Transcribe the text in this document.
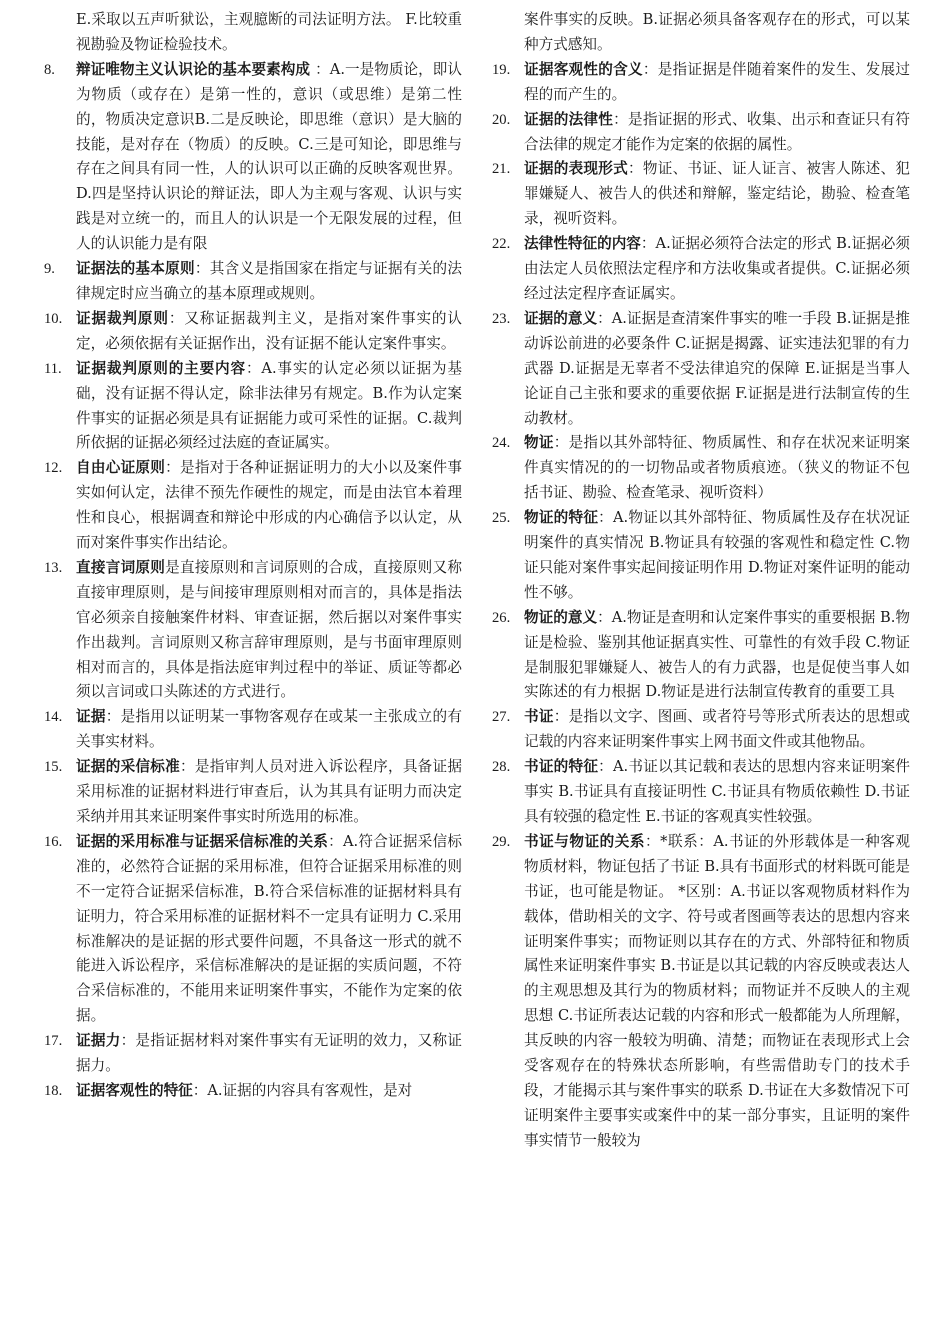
E.采取以五声听狱讼，主观臆断的司法证明方法。 F.比较重视勘验及物证检验技术。
8.	辩证唯物主义认识论的基本要素构成 ：A.一是物质论，即认为物质（或存在）是第一性的，意识（或思维）是第二性的，物质决定意识B.二是反映论，即思维（意识）是大脑的技能，是对存在（物质）的反映。C.三是可知论，即思维与存在之间具有同一性，人的认识可以正确的反映客观世界。D.四是坚持认识论的辩证法，即人为主观与客观、认识与实践是对立统一的，而且人的认识是一个无限发展的过程，但人的认识能力是有限
9.	证据法的基本原则：其含义是指国家在指定与证据有关的法律规定时应当确立的基本原理或规则。
10. 证据裁判原则：又称证据裁判主义，是指对案件事实的认定，必须依据有关证据作出，没有证据不能认定案件事实。
11. 证据裁判原则的主要内容：A.事实的认定必须以证据为基础，没有证据不得认定，除非法律另有规定。B.作为认定案件事实的证据必须是具有证据能力或可采性的证据。C.裁判所依据的证据必须经过法庭的查证属实。
12. 自由心证原则：是指对于各种证据证明力的大小以及案件事实如何认定，法律不预先作硬性的规定，而是由法官本着理性和良心，根据调查和辩论中形成的内心确信予以认定，从而对案件事实作出结论。
13. 直接言词原则是直接原则和言词原则的合成，直接原则又称直接审理原则，是与间接审理原则相对而言的，具体是指法官必须亲自接触案件材料、审查证据，然后据以对案件事实作出裁判。言词原则又称言辞审理原则，是与书面审理原则相对而言的，具体是指法庭审判过程中的举证、质证等都必须以言词或口头陈述的方式进行。
14. 证据：是指用以证明某一事物客观存在或某一主张成立的有关事实材料。
15. 证据的采信标准：是指审判人员对进入诉讼程序，具备证据采用标准的证据材料进行审查后，认为其具有证明力而决定采纳并用其来证明案件事实时所选用的标准。
16. 证据的采用标准与证据采信标准的关系：A.符合证据采信标准的，必然符合证据的采用标准，但符合证据采用标准的则不一定符合证据采信标准，B.符合采信标准的证据材料具有证明力，符合采用标准的证据材料不一定具有证明力 C.采用标准解决的是证据的形式要件问题，不具备这一形式的就不能进入诉讼程序，采信标准解决的是证据的实质问题，不符合采信标准的，不能用来证明案件事实，不能作为定案的依据。
17. 证据力：是指证据材料对案件事实有无证明的效力，又称证据力。
18. 证据客观性的特征：A.证据的内容具有客观性，是对
案件事实的反映。B.证据必须具备客观存在的形式，可以某种方式感知。
19. 证据客观性的含义：是指证据是伴随着案件的发生、发展过程的而产生的。
20. 证据的法律性：是指证据的形式、收集、出示和查证只有符合法律的规定才能作为定案的依据的属性。
21. 证据的表现形式：物证、书证、证人证言、被害人陈述、犯罪嫌疑人、被告人的供述和辩解，鉴定结论，勘验、检查笔录，视听资料。
22. 法律性特征的内容：A.证据必须符合法定的形式 B.证据必须由法定人员依照法定程序和方法收集或者提供。C.证据必须经过法定程序查证属实。
23. 证据的意义：A.证据是查清案件事实的唯一手段 B.证据是推动诉讼前进的必要条件 C.证据是揭露、证实违法犯罪的有力武器 D.证据是无辜者不受法律追究的保障 E.证据是当事人论证自己主张和要求的重要依据 F.证据是进行法制宣传的生动教材。
24. 物证：是指以其外部特征、物质属性、和存在状况来证明案件真实情况的的一切物品或者物质痕迹。（狭义的物证不包括书证、勘验、检查笔录、视听资料）
25. 物证的特征：A.物证以其外部特征、物质属性及存在状况证明案件的真实情况 B.物证具有较强的客观性和稳定性 C.物证只能对案件事实起间接证明作用 D.物证对案件证明的能动性不够。
26. 物证的意义：A.物证是查明和认定案件事实的重要根据 B.物证是检验、鉴别其他证据真实性、可靠性的有效手段 C.物证是制服犯罪嫌疑人、被告人的有力武器，也是促使当事人如实陈述的有力根据 D.物证是进行法制宣传教育的重要工具
27. 书证：是指以文字、图画、或者符号等形式所表达的思想或记载的内容来证明案件事实上网书面文件或其他物品。
28. 书证的特征：A.书证以其记载和表达的思想内容来证明案件事实 B.书证具有直接证明性 C.书证具有物质依赖性 D.书证具有较强的稳定性 E.书证的客观真实性较强。
29. 书证与物证的关系：*联系：A.书证的外形载体是一种客观物质材料，物证包括了书证 B.具有书面形式的材料既可能是书证，也可能是物证。 *区别：A.书证以客观物质材料作为载体，借助相关的文字、符号或者图画等表达的思想内容来证明案件事实；而物证则以其存在的方式、外部特征和物质属性来证明案件事实 B.书证是以其记载的内容反映或表达人的主观思想及其行为的物质材料；而物证并不反映人的主观思想 C.书证所表达记载的内容和形式一般都能为人所理解，其反映的内容一般较为明确、清楚；而物证在表现形式上会受客观存在的特殊状态所影响，有些需借助专门的技术手段，才能揭示其与案件事实的联系 D.书证在大多数情况下可证明案件主要事实或案件中的某一部分事实，且证明的案件事实情节一般较为
